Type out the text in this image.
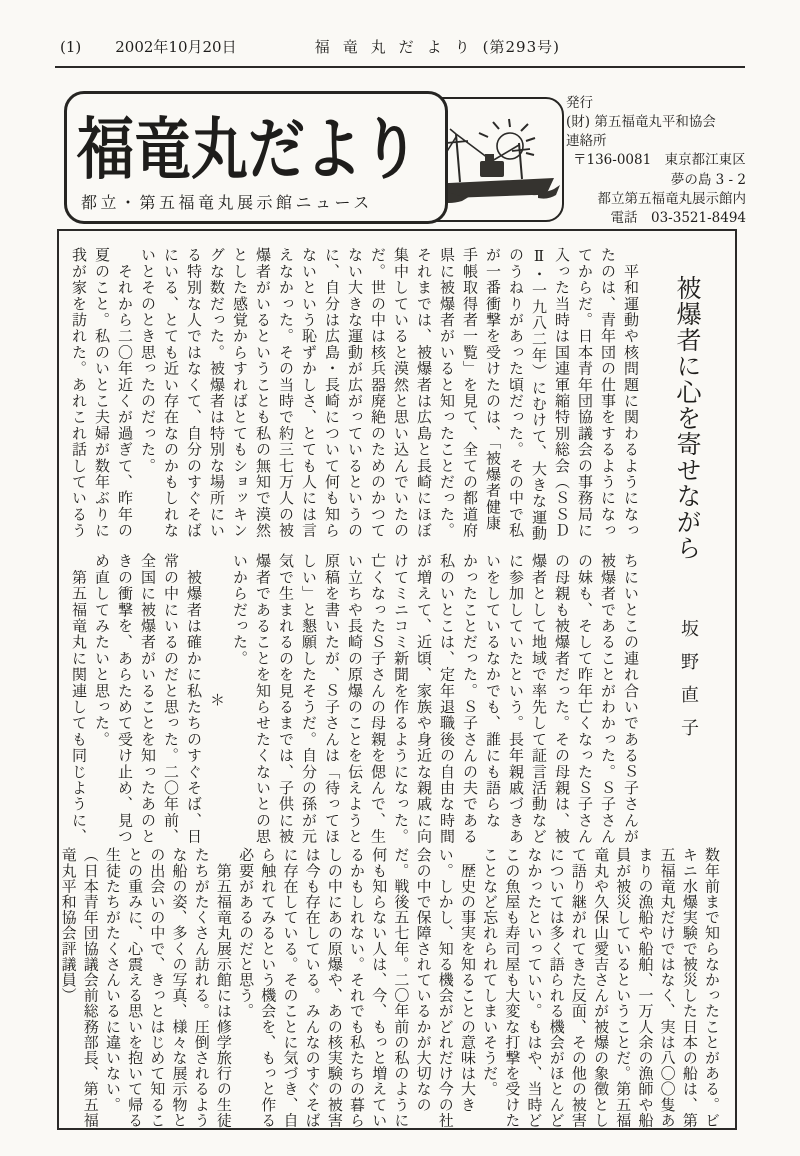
(1) 2002年10月20日	福竜丸だより (第293号)
福竜丸だより
都立・第五福竜丸展示館ニュース
発行
(財) 第五福竜丸平和協会
連絡所
〒136-0081　東京都江東区
夢の島 3 - 2
都立第五福竜丸展示館内
電話　03-3521-8494
被爆者に心を寄せながら
坂野直子
　平和運動や核問題に関わるようになったのは、青年団の仕事をするようになってからだ。日本青年団協議会の事務局に入った当時は国連軍縮特別総会（ＳＳＤⅡ・一九八二年）にむけて、大きな運動のうねりがあった頃だった。その中で私が一番衝撃を受けたのは、「被爆者健康手帳取得者一覧」を見て、全ての都道府県に被爆者がいると知ったことだった。それまでは、被爆者は広島と長崎にほぼ集中していると漠然と思い込んでいたのだ。世の中は核兵器廃絶のためのかつてない大きな運動が広がっているというのに、自分は広島・長崎について何も知らないという恥ずかしさ、とても人には言えなかった。その当時で約三七万人の被爆者がいるということも私の無知で漠然とした感覚からすればとてもショッキングな数だった。被爆者は特別な場所にいる特別な人ではなくて、自分のすぐそばにいる、とても近い存在なのかもしれないとそのとき思ったのだった。　それから二〇年近くが過ぎて、昨年の夏のこと。私のいとこ夫婦が数年ぶりに我が家を訪れた。あれこれ話しているう
ちにいとこの連れ合いであるＳ子さんが被爆者であることがわかった。Ｓ子さんの妹も、そして昨年亡くなったＳ子さんの母親も被爆者だった。その母親は、被爆者として地域で率先して証言活動などに参加していたという。長年親戚づきあいをしているなかでも、誰にも語らなかったことだった。Ｓ子さんの夫である私のいとこは、定年退職後の自由な時間が増えて、近頃、家族や身近な親戚に向けてミニコミ新聞を作るようになった。亡くなったＳ子さんの母親を偲んで、生い立ちや長崎の原爆のことを伝えようと原稿を書いたが、Ｓ子さんは「待ってほしい」と懇願したそうだ。自分の孫が元気で生まれるのを見るまでは、子供に被爆者であることを知らせたくないとの思いからだった。＊　被爆者は確かに私たちのすぐそば、日常の中にいるのだと思った。二〇年前、全国に被爆者がいることを知ったあのときの衝撃を、あらためて受け止め、見つめ直してみたいと思った。　第五福竜丸に関連しても同じように、
数年前まで知らなかったことがある。ビキニ水爆実験で被災した日本の船は、第五福竜丸だけではなく、実は八〇〇隻あまりの漁船や船舶、一万人余の漁師や船員が被災しているということだ。第五福竜丸や久保山愛吉さんが被爆の象徴として語り継がれてきた反面、その他の被害については多く語られる機会がほとんどなかったといっていい。もはや、当時どこの魚屋も寿司屋も大変な打撃を受けたことなど忘れられてしまいそうだ。　歴史の事実を知ることの意味は大きい。しかし、知る機会がどれだけ今の社会の中で保障されているかが大切なのだ。戦後五七年。二〇年前の私のように何も知らない人は、今、もっと増えているかもしれない。それでも私たちの暮らしの中にあの原爆や、あの核実験の被害は今も存在している。みんなのすぐそばに存在している。そのことに気づき、自ら触れてみるという機会を、もっと作る必要があるのだと思う。　第五福竜丸展示館には修学旅行の生徒たちがたくさん訪れる。圧倒されるような船の姿、多くの写真、様々な展示物との出会いの中で、きっとはじめて知ることの重みに、心震える思いを抱いて帰る生徒たちがたくさんいるに違いない。（日本青年団協議会前総務部長、第五福竜丸平和協会評議員）
